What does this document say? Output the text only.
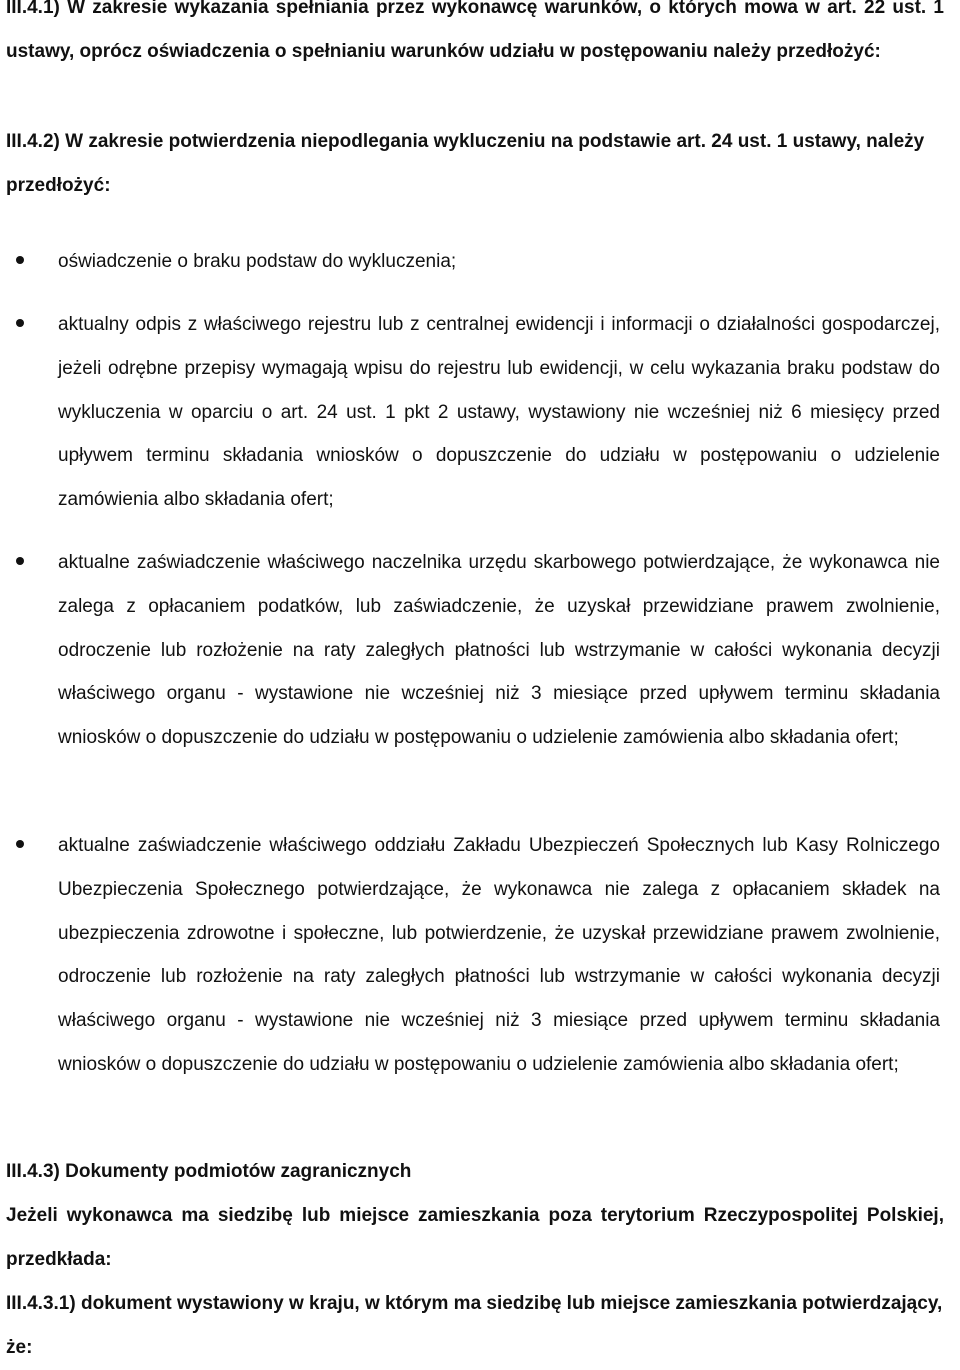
III.4.1) W zakresie wykazania spełniania przez wykonawcę warunków, o których mowa w art. 22 ust. 1 ustawy, oprócz oświadczenia o spełnianiu warunków udziału w postępowaniu należy przedłożyć:

III.4.2) W zakresie potwierdzenia niepodlegania wykluczeniu na podstawie art. 24 ust. 1 ustawy, należy przedłożyć:

oświadczenie o braku podstaw do wykluczenia;

aktualny odpis z właściwego rejestru lub z centralnej ewidencji i informacji o działalności gospodarczej, jeżeli odrębne przepisy wymagają wpisu do rejestru lub ewidencji, w celu wykazania braku podstaw do wykluczenia w oparciu o art. 24 ust. 1 pkt 2 ustawy, wystawiony nie wcześniej niż 6 miesięcy przed upływem terminu składania wniosków o dopuszczenie do udziału w postępowaniu o udzielenie zamówienia albo składania ofert;

aktualne zaświadczenie właściwego naczelnika urzędu skarbowego potwierdzające, że wykonawca nie zalega z opłacaniem podatków, lub zaświadczenie, że uzyskał przewidziane prawem zwolnienie, odroczenie lub rozłożenie na raty zaległych płatności lub wstrzymanie w całości wykonania decyzji właściwego organu - wystawione nie wcześniej niż 3 miesiące przed upływem terminu składania wniosków o dopuszczenie do udziału w postępowaniu o udzielenie zamówienia albo składania ofert;

aktualne zaświadczenie właściwego oddziału Zakładu Ubezpieczeń Społecznych lub Kasy Rolniczego Ubezpieczenia Społecznego potwierdzające, że wykonawca nie zalega z opłacaniem składek na ubezpieczenia zdrowotne i społeczne, lub potwierdzenie, że uzyskał przewidziane prawem zwolnienie, odroczenie lub rozłożenie na raty zaległych płatności lub wstrzymanie w całości wykonania decyzji właściwego organu - wystawione nie wcześniej niż 3 miesiące przed upływem terminu składania wniosków o dopuszczenie do udziału w postępowaniu o udzielenie zamówienia albo składania ofert;

III.4.3) Dokumenty podmiotów zagranicznych

Jeżeli wykonawca ma siedzibę lub miejsce zamieszkania poza terytorium Rzeczypospolitej Polskiej, przedkłada:

III.4.3.1) dokument wystawiony w kraju, w którym ma siedzibę lub miejsce zamieszkania potwierdzający, że:
